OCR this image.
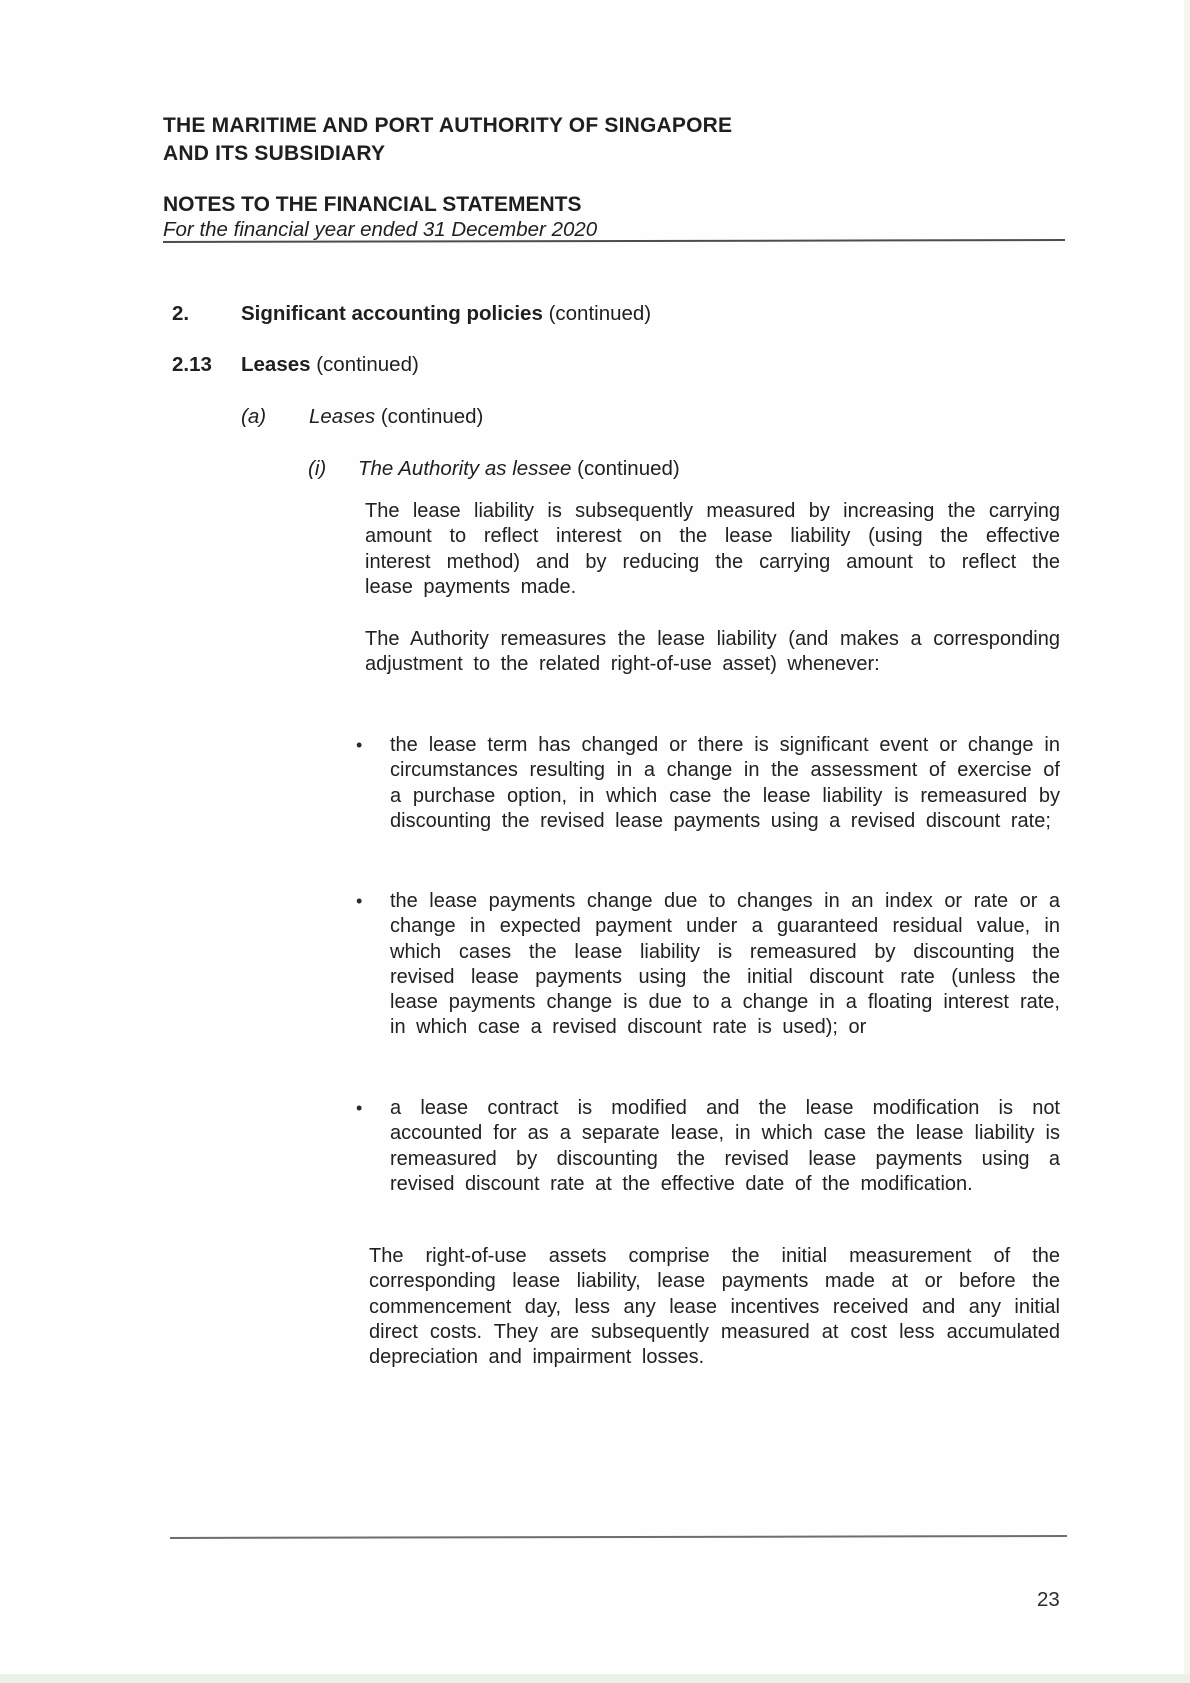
THE MARITIME AND PORT AUTHORITY OF SINGAPORE
AND ITS SUBSIDIARY
NOTES TO THE FINANCIAL STATEMENTS
For the financial year ended 31 December 2020
2.	Significant accounting policies (continued)
2.13	Leases (continued)
(a)	Leases (continued)
(i)	The Authority as lessee (continued)
The lease liability is subsequently measured by increasing the carrying amount to reflect interest on the lease liability (using the effective interest method) and by reducing the carrying amount to reflect the lease payments made.
The Authority remeasures the lease liability (and makes a corresponding adjustment to the related right-of-use asset) whenever:
•	the lease term has changed or there is significant event or change in circumstances resulting in a change in the assessment of exercise of a purchase option, in which case the lease liability is remeasured by discounting the revised lease payments using a revised discount rate;
•	the lease payments change due to changes in an index or rate or a change in expected payment under a guaranteed residual value, in which cases the lease liability is remeasured by discounting the revised lease payments using the initial discount rate (unless the lease payments change is due to a change in a floating interest rate, in which case a revised discount rate is used); or
•	a lease contract is modified and the lease modification is not accounted for as a separate lease, in which case the lease liability is remeasured by discounting the revised lease payments using a revised discount rate at the effective date of the modification.
The right-of-use assets comprise the initial measurement of the corresponding lease liability, lease payments made at or before the commencement day, less any lease incentives received and any initial direct costs. They are subsequently measured at cost less accumulated depreciation and impairment losses.
23
